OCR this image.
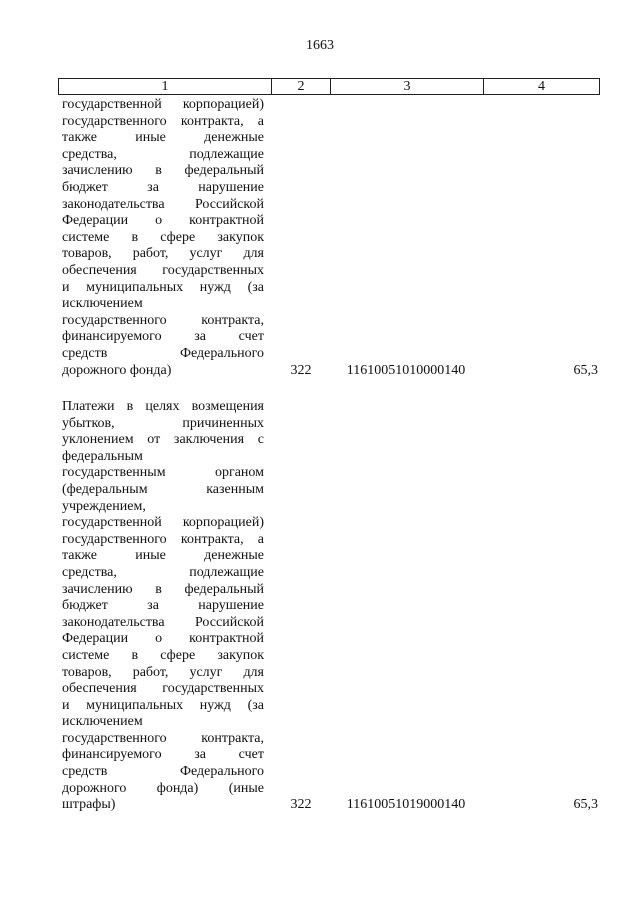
1663
1	2	3	4
государственной корпорацией)
государственного контракта, а
также иные денежные
средства, подлежащие
зачислению в федеральный
бюджет за нарушение
законодательства Российской
Федерации о контрактной
системе в сфере закупок
товаров, работ, услуг для
обеспечения государственных
и муниципальных нужд (за
исключением
государственного контракта,
финансируемого за счет
средств Федерального
дорожного фонда)	322	11610051010000140	65,3
Платежи в целях возмещения
убытков, причиненных
уклонением от заключения с
федеральным
государственным органом
(федеральным казенным
учреждением,
государственной корпорацией)
государственного контракта, а
также иные денежные
средства, подлежащие
зачислению в федеральный
бюджет за нарушение
законодательства Российской
Федерации о контрактной
системе в сфере закупок
товаров, работ, услуг для
обеспечения государственных
и муниципальных нужд (за
исключением
государственного контракта,
финансируемого за счет
средств Федерального
дорожного фонда) (иные
штрафы)	322	11610051019000140	65,3
